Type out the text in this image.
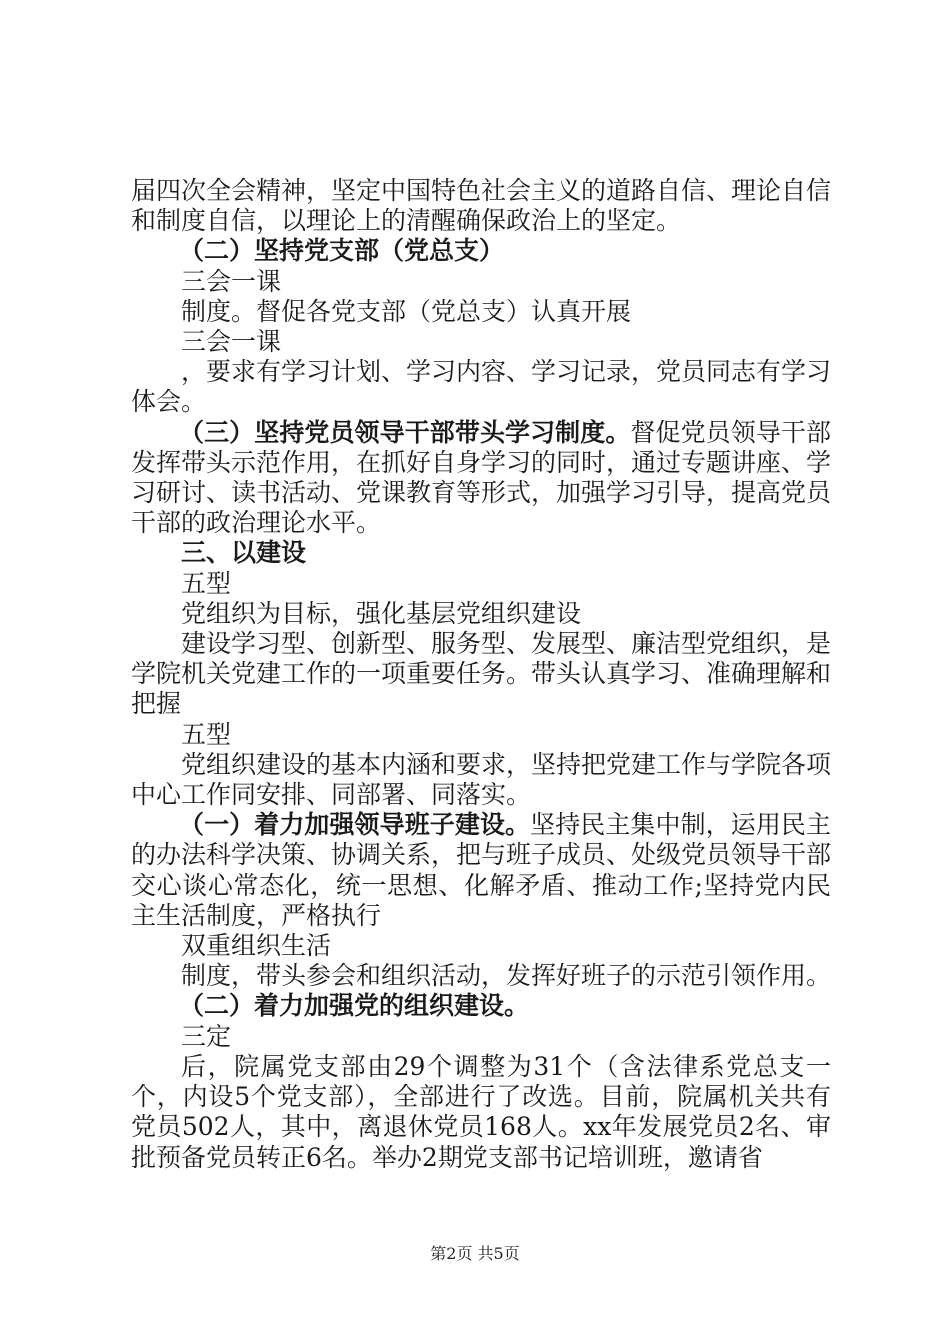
届四次全会精神，坚定中国特色社会主义的道路自信、理论自信和制度自信，以理论上的清醒确保政治上的坚定。

（二）坚持党支部（党总支）

三会一课

制度。督促各党支部（党总支）认真开展

三会一课

，要求有学习计划、学习内容、学习记录，党员同志有学习体会。

（三）坚持党员领导干部带头学习制度。督促党员领导干部发挥带头示范作用，在抓好自身学习的同时，通过专题讲座、学习研讨、读书活动、党课教育等形式，加强学习引导，提高党员干部的政治理论水平。

三、以建设

五型

党组织为目标，强化基层党组织建设

建设学习型、创新型、服务型、发展型、廉洁型党组织，是学院机关党建工作的一项重要任务。带头认真学习、准确理解和把握

五型

党组织建设的基本内涵和要求，坚持把党建工作与学院各项中心工作同安排、同部署、同落实。

（一）着力加强领导班子建设。坚持民主集中制，运用民主的办法科学决策、协调关系，把与班子成员、处级党员领导干部交心谈心常态化，统一思想、化解矛盾、推动工作;坚持党内民主生活制度，严格执行

双重组织生活

制度，带头参会和组织活动，发挥好班子的示范引领作用。

（二）着力加强党的组织建设。

三定

后，院属党支部由29个调整为31个（含法律系党总支一个，内设5个党支部），全部进行了改选。目前，院属机关共有党员502人，其中，离退休党员168人。xx年发展党员2名、审批预备党员转正6名。举办2期党支部书记培训班，邀请省

第2页 共5页
